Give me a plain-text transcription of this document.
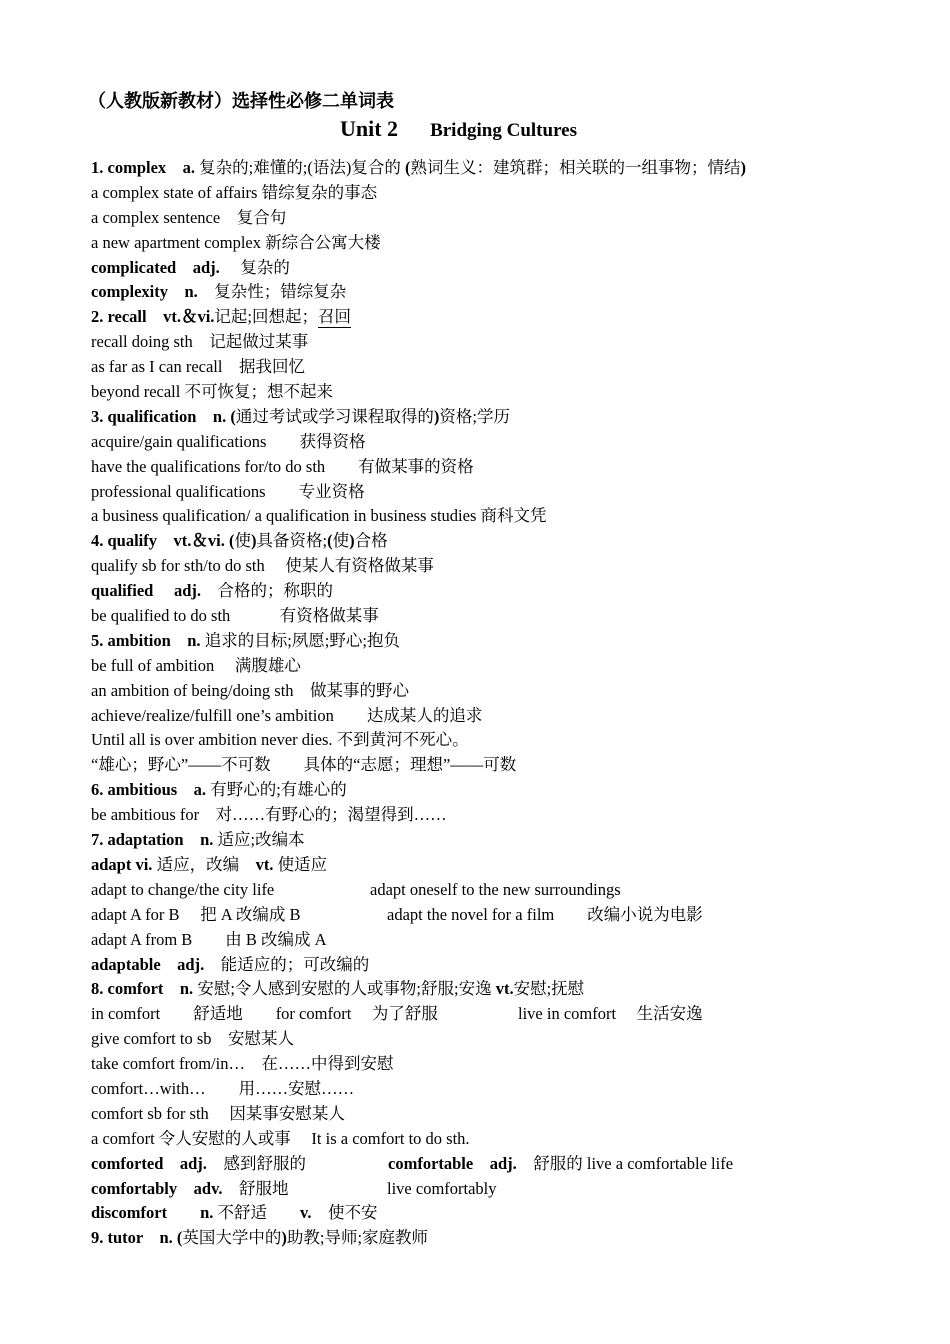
（人教版新教材）选择性必修二单词表
Unit 2 Bridging Cultures
1. complex　a. 复杂的;难懂的;(语法)复合的 (熟词生义：建筑群；相关联的一组事物；情结)
a complex state of affairs 错综复杂的事态
a complex sentence　复合句
a new apartment complex 新综合公寓大楼
complicated　adj.　 复杂的
complexity　n.　复杂性；错综复杂
2. recall　vt.＆vi.记起;回想起；召回
recall doing sth　记起做过某事
as far as I can recall　据我回忆
beyond recall 不可恢复；想不起来
3. qualification　n. (通过考试或学习课程取得的)资格;学历
acquire/gain qualifications　　获得资格
have the qualifications for/to do sth　　有做某事的资格
professional qualifications　　专业资格
a business qualification/ a qualification in business studies 商科文凭
4. qualify　vt.＆vi. (使)具备资格;(使)合格
qualify sb for sth/to do sth　 使某人有资格做某事
qualified　 adj.　合格的；称职的
be qualified to do sth　　　有资格做某事
5. ambition　n. 追求的目标;夙愿;野心;抱负
be full of ambition　 满腹雄心
an ambition of being/doing sth　做某事的野心
achieve/realize/fulfill one’s ambition　　达成某人的追求
Until all is over ambition never dies. 不到黄河不死心。
“雄心；野心”——不可数　　具体的“志愿；理想”——可数
6. ambitious　a. 有野心的;有雄心的
be ambitious for　对……有野心的；渴望得到……
7. adaptation　n. 适应;改编本
adapt vi. 适应，改编　vt. 使适应
adapt to change/the city life	adapt oneself to the new surroundings
adapt A for B　 把 A 改编成 B	adapt the novel for a film　　改编小说为电影
adapt A from B　　由 B 改编成 A
adaptable　adj.　能适应的；可改编的
8. comfort　n. 安慰;令人感到安慰的人或事物;舒服;安逸 vt.安慰;抚慰
in comfort　　舒适地　　for comfort　 为了舒服	live in comfort　 生活安逸
give comfort to sb　安慰某人
take comfort from/in…　在……中得到安慰
comfort…with…　　用……安慰……
comfort sb for sth　 因某事安慰某人
a comfort 令人安慰的人或事　 It is a comfort to do sth.
comforted　adj.　感到舒服的	comfortable　adj.　舒服的 live a comfortable life
comfortably　adv.　舒服地	live comfortably
discomfort　　n. 不舒适　　v.　使不安
9. tutor　n. (英国大学中的)助教;导师;家庭教师
